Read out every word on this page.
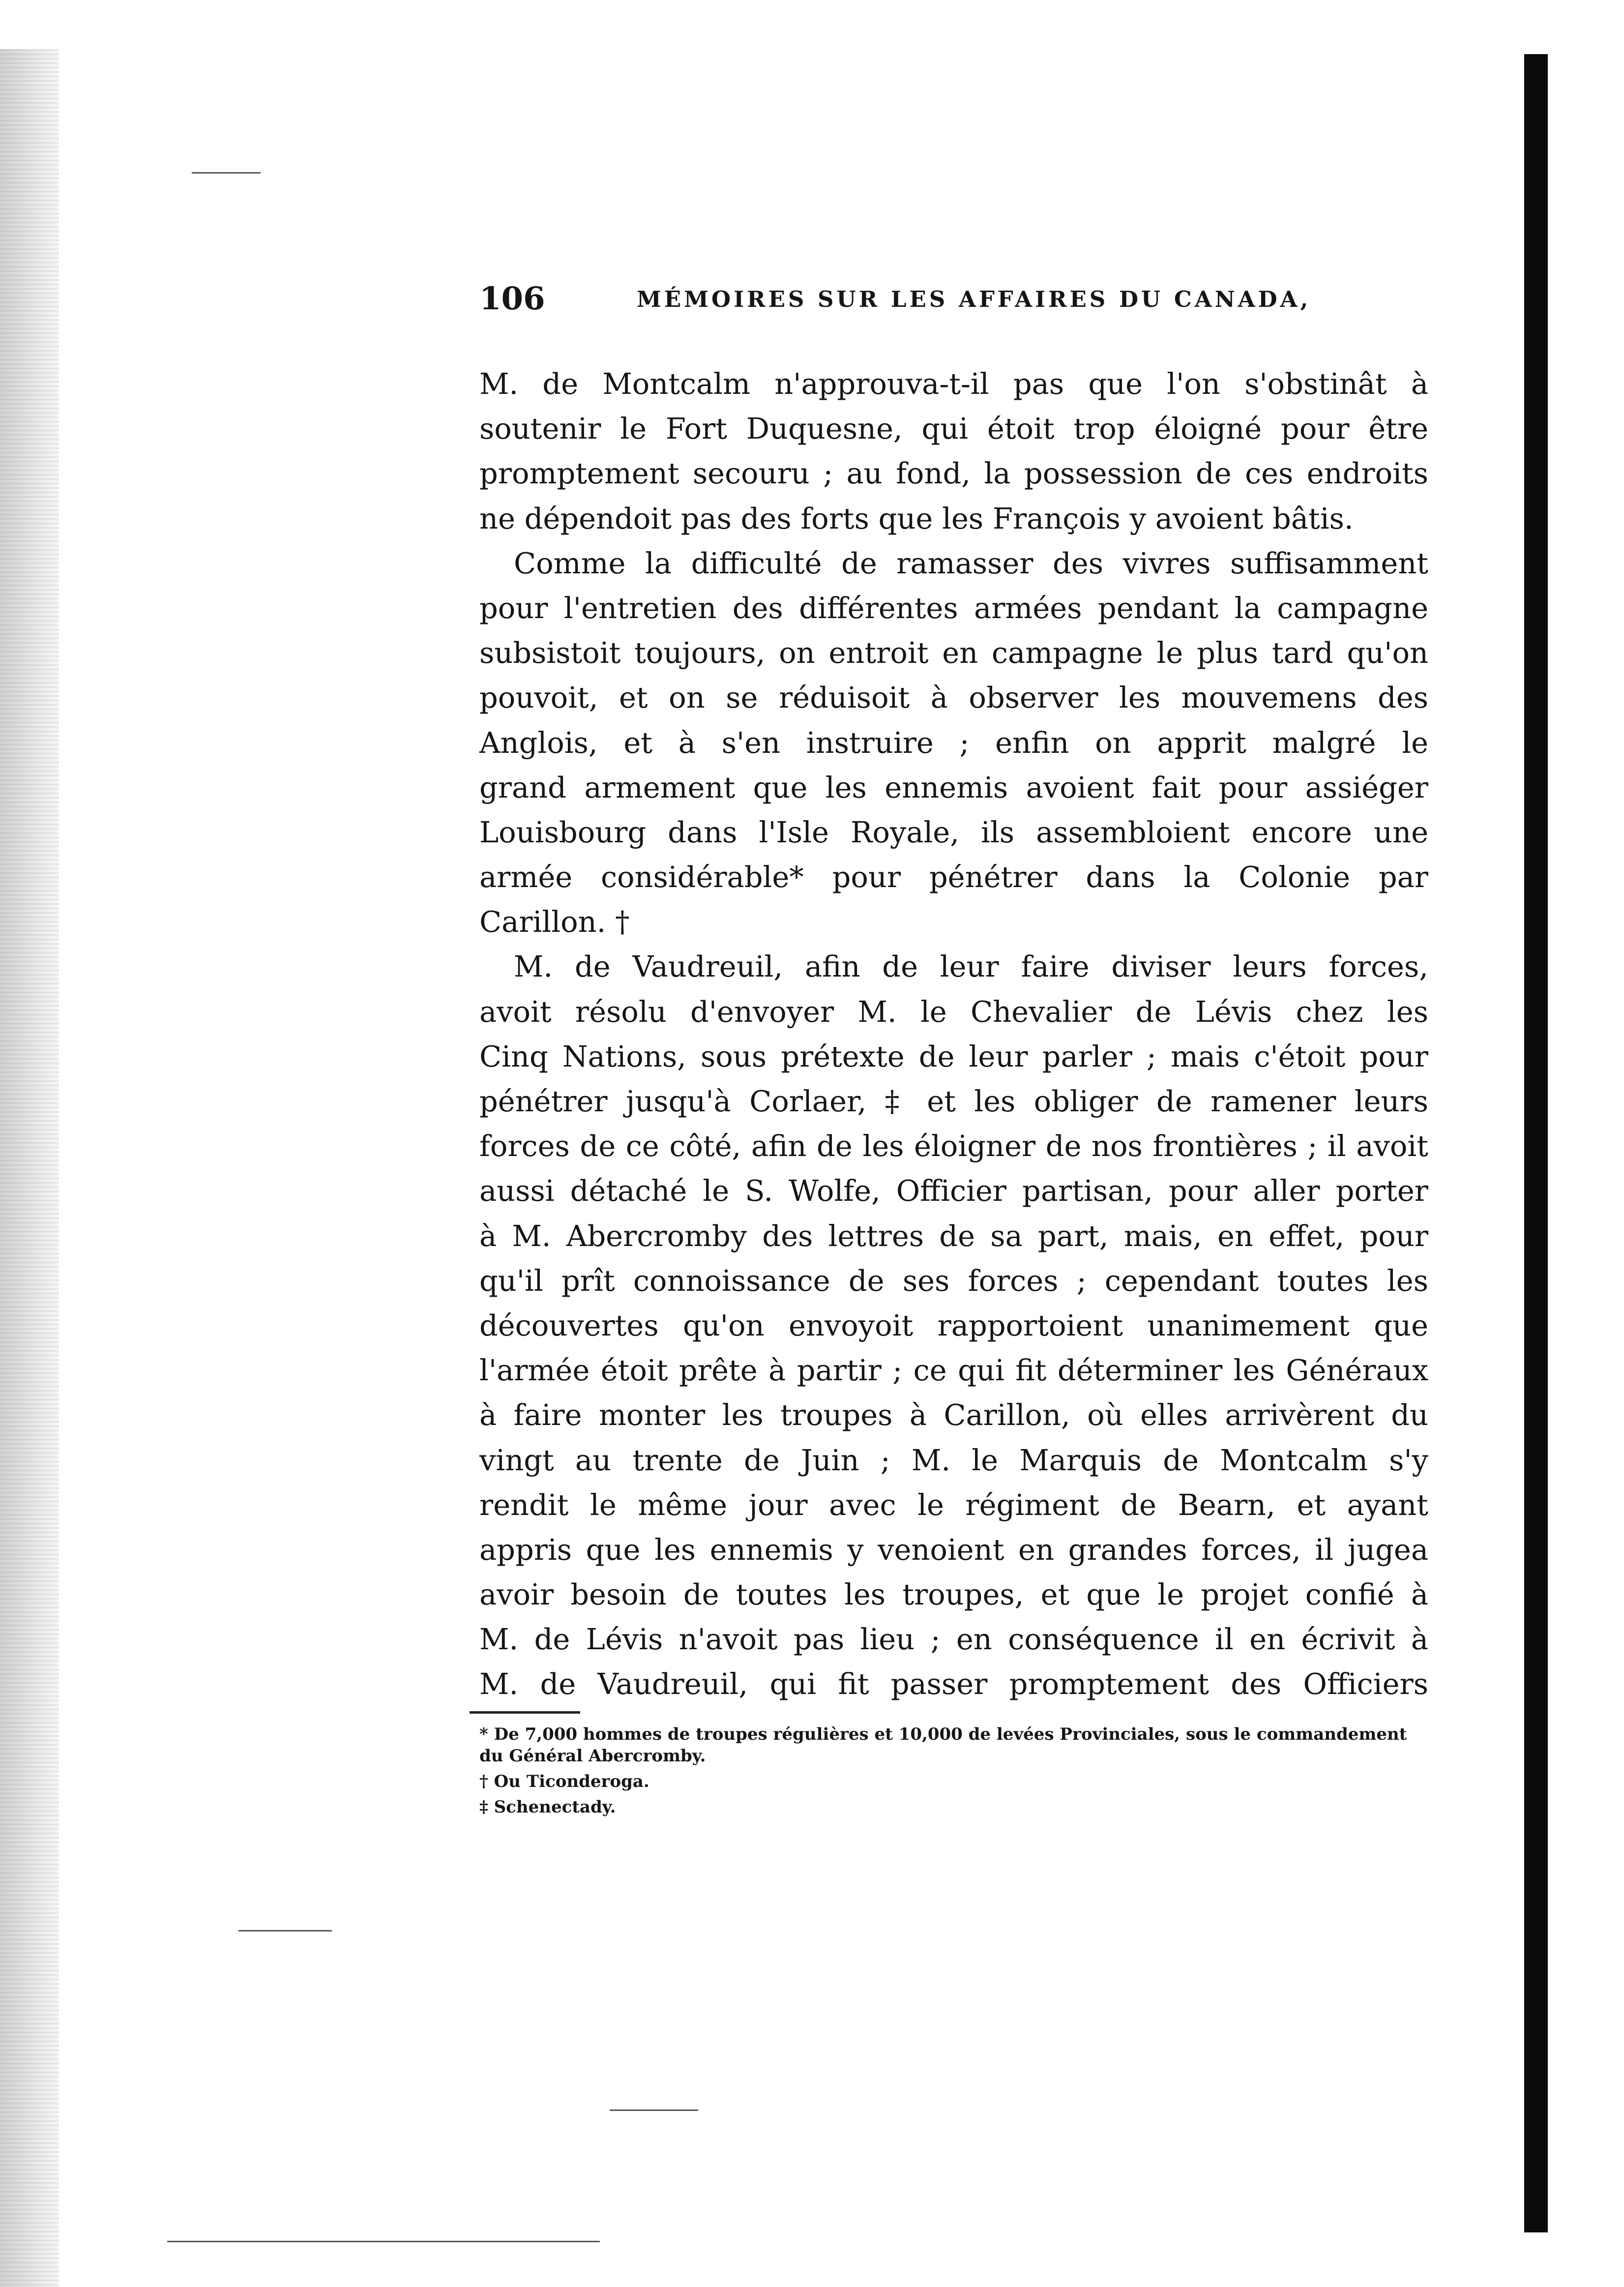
106	MÉMOIRES SUR LES AFFAIRES DU CANADA,
M. de Montcalm n'approuva-t-il pas que l'on s'obstinât à
soutenir le Fort Duquesne, qui étoit trop éloigné pour être
promptement secouru ; au fond, la possession de ces endroits
ne dépendoit pas des forts que les François y avoient bâtis.
Comme la difficulté de ramasser des vivres suffisamment
pour l'entretien des différentes armées pendant la campagne
subsistoit toujours, on entroit en campagne le plus tard qu'on
pouvoit, et on se réduisoit à observer les mouvemens des
Anglois, et à s'en instruire ; enfin on apprit malgré le
grand armement que les ennemis avoient fait pour assiéger
Louisbourg dans l'Isle Royale, ils assembloient encore une
armée considérable* pour pénétrer dans la Colonie par
Carillon. †
M. de Vaudreuil, afin de leur faire diviser leurs forces,
avoit résolu d'envoyer M. le Chevalier de Lévis chez les
Cinq Nations, sous prétexte de leur parler ; mais c'étoit pour
pénétrer jusqu'à Corlaer, ‡ et les obliger de ramener leurs
forces de ce côté, afin de les éloigner de nos frontières ; il avoit
aussi détaché le S. Wolfe, Officier partisan, pour aller porter
à M. Abercromby des lettres de sa part, mais, en effet, pour
qu'il prît connoissance de ses forces ; cependant toutes les
découvertes qu'on envoyoit rapportoient unanimement que
l'armée étoit prête à partir ; ce qui fit déterminer les Généraux
à faire monter les troupes à Carillon, où elles arrivèrent du
vingt au trente de Juin ; M. le Marquis de Montcalm s'y
rendit le même jour avec le régiment de Bearn, et ayant
appris que les ennemis y venoient en grandes forces, il jugea
avoir besoin de toutes les troupes, et que le projet confié à
M. de Lévis n'avoit pas lieu ; en conséquence il en écrivit à
M. de Vaudreuil, qui fit passer promptement des Officiers
* De 7,000 hommes de troupes régulières et 10,000 de levées Provinciales, sous le commandement du Général Abercromby.
† Ou Ticonderoga.
‡ Schenectady.
